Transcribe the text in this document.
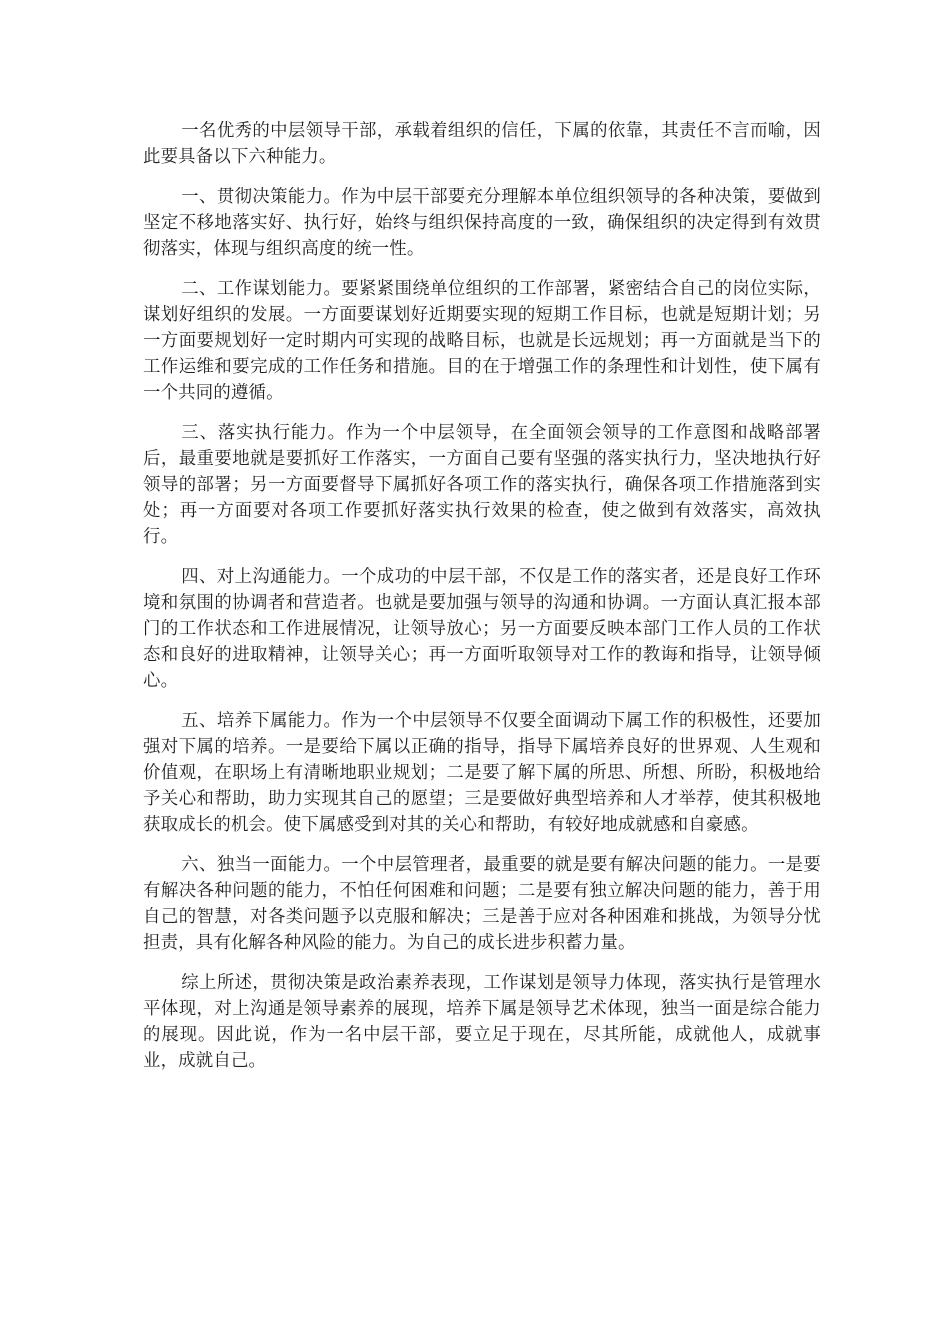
一名优秀的中层领导干部，承载着组织的信任，下属的依靠，其责任不言而喻，因此要具备以下六种能力。

一、贯彻决策能力。作为中层干部要充分理解本单位组织领导的各种决策，要做到坚定不移地落实好、执行好，始终与组织保持高度的一致，确保组织的决定得到有效贯彻落实，体现与组织高度的统一性。

二、工作谋划能力。要紧紧围绕单位组织的工作部署，紧密结合自己的岗位实际，谋划好组织的发展。一方面要谋划好近期要实现的短期工作目标，也就是短期计划；另一方面要规划好一定时期内可实现的战略目标，也就是长远规划；再一方面就是当下的工作运维和要完成的工作任务和措施。目的在于增强工作的条理性和计划性，使下属有一个共同的遵循。

三、落实执行能力。作为一个中层领导，在全面领会领导的工作意图和战略部署后，最重要地就是要抓好工作落实，一方面自己要有坚强的落实执行力，坚决地执行好领导的部署；另一方面要督导下属抓好各项工作的落实执行，确保各项工作措施落到实处；再一方面要对各项工作要抓好落实执行效果的检查，使之做到有效落实，高效执行。

四、对上沟通能力。一个成功的中层干部，不仅是工作的落实者，还是良好工作环境和氛围的协调者和营造者。也就是要加强与领导的沟通和协调。一方面认真汇报本部门的工作状态和工作进展情况，让领导放心；另一方面要反映本部门工作人员的工作状态和良好的进取精神，让领导关心；再一方面听取领导对工作的教诲和指导，让领导倾心。

五、培养下属能力。作为一个中层领导不仅要全面调动下属工作的积极性，还要加强对下属的培养。一是要给下属以正确的指导，指导下属培养良好的世界观、人生观和价值观，在职场上有清晰地职业规划；二是要了解下属的所思、所想、所盼，积极地给予关心和帮助，助力实现其自己的愿望；三是要做好典型培养和人才举荐，使其积极地获取成长的机会。使下属感受到对其的关心和帮助，有较好地成就感和自豪感。

六、独当一面能力。一个中层管理者，最重要的就是要有解决问题的能力。一是要有解决各种问题的能力，不怕任何困难和问题；二是要有独立解决问题的能力，善于用自己的智慧，对各类问题予以克服和解决；三是善于应对各种困难和挑战，为领导分忧担责，具有化解各种风险的能力。为自己的成长进步积蓄力量。

综上所述，贯彻决策是政治素养表现，工作谋划是领导力体现，落实执行是管理水平体现，对上沟通是领导素养的展现，培养下属是领导艺术体现，独当一面是综合能力的展现。因此说，作为一名中层干部，要立足于现在，尽其所能，成就他人，成就事业，成就自己。
